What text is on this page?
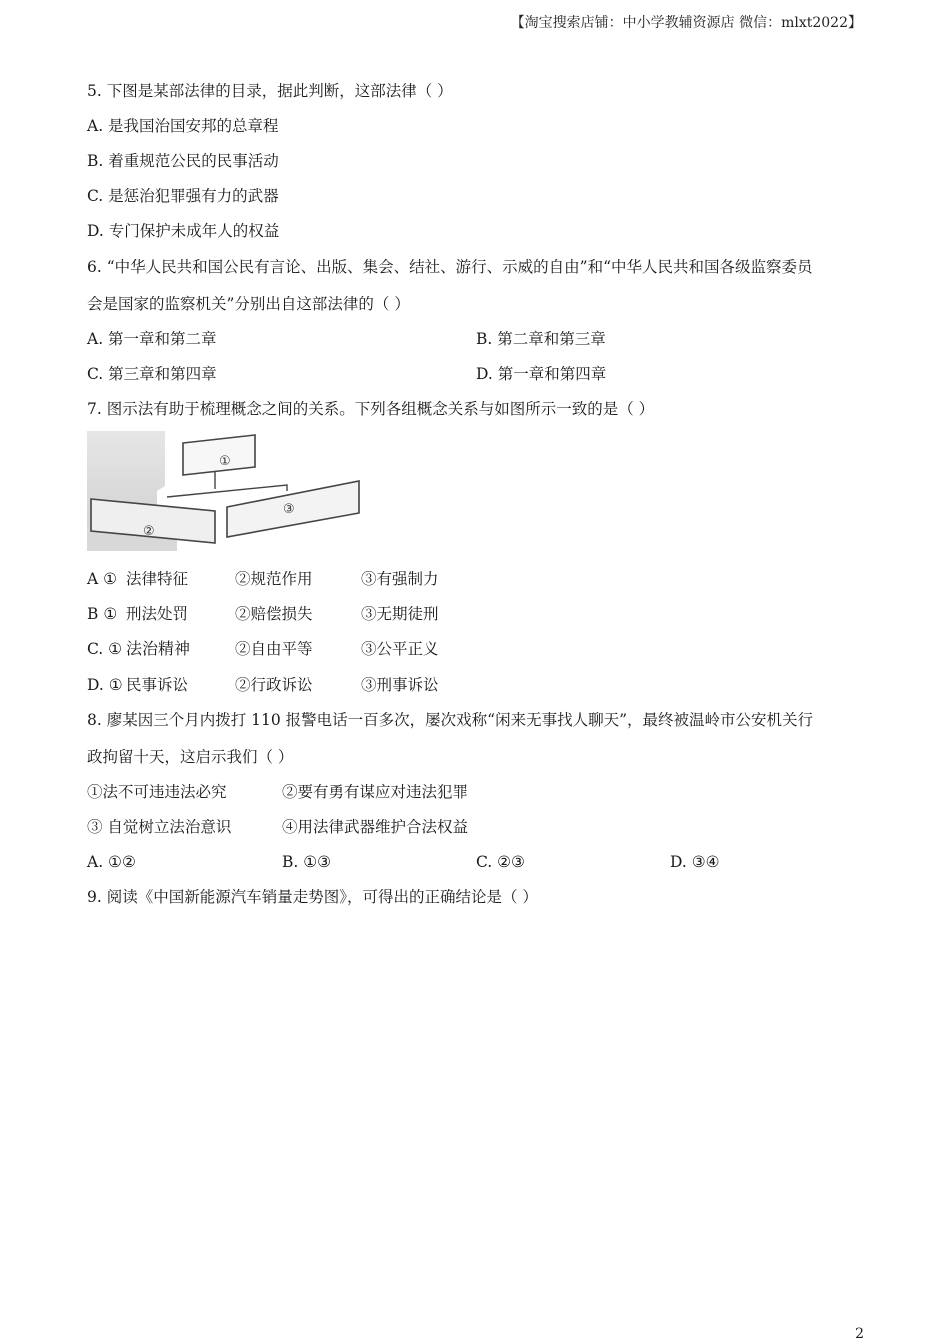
【淘宝搜索店铺：中小学教辅资源店 微信：mlxt2022】
5. 下图是某部法律的目录，据此判断，这部法律（ ）
A. 是我国治国安邦的总章程
B. 着重规范公民的民事活动
C. 是惩治犯罪强有力的武器
D. 专门保护未成年人的权益
6. “中华人民共和国公民有言论、出版、集会、结社、游行、示威的自由”和“中华人民共和国各级监察委员
会是国家的监察机关”分别出自这部法律的（ ）
A. 第一章和第二章	B. 第二章和第三章
C. 第三章和第四章	D. 第一章和第四章
7. 图示法有助于梳理概念之间的关系。下列各组概念关系与如图所示一致的是（ ）
①
②
③
A ① 法律特征	②规范作用	③有强制力
B ① 刑法处罚	②赔偿损失	③无期徒刑
C. ① 法治精神	②自由平等	③公平正义
D. ① 民事诉讼	②行政诉讼	③刑事诉讼
8. 廖某因三个月内拨打 110 报警电话一百多次，屡次戏称“闲来无事找人聊天”，最终被温岭市公安机关行
政拘留十天，这启示我们（ ）
①法不可违违法必究	②要有勇有谋应对违法犯罪
③ 自觉树立法治意识	④用法律武器维护合法权益
A. ①②	B. ①③	C. ②③	D. ③④
9. 阅读《中国新能源汽车销量走势图》，可得出的正确结论是（ ）
2
